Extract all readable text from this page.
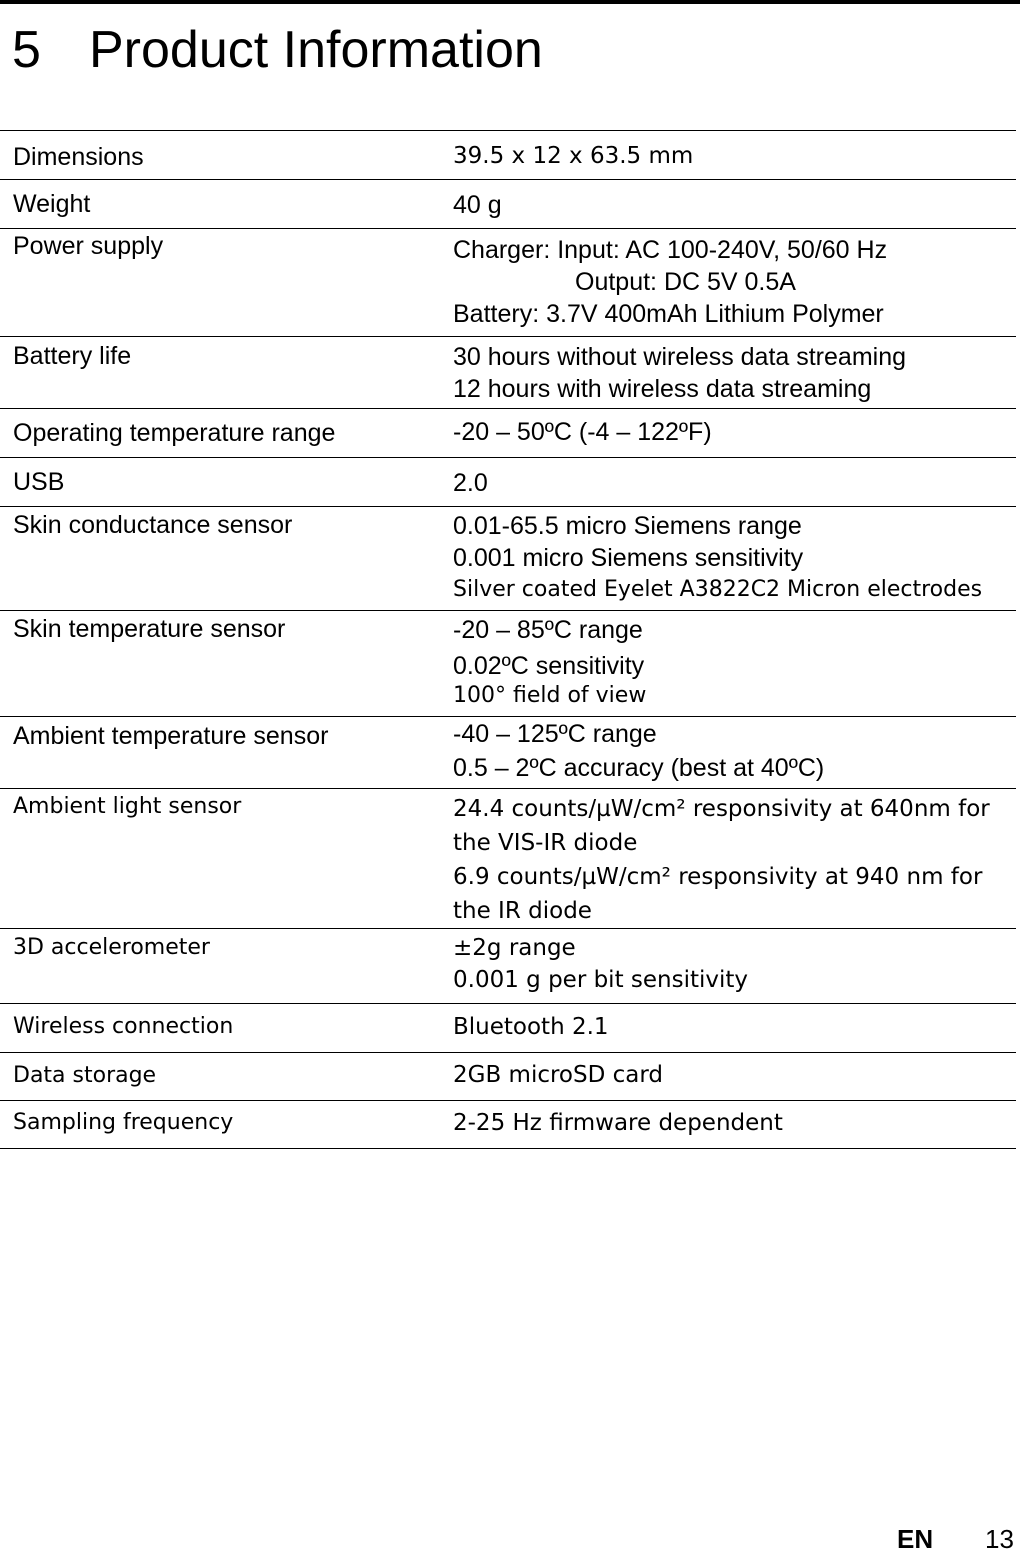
5 Product Information
Dimensions	39.5 x 12 x 63.5 mm

Weight	40 g

Power supply	Charger: Input: AC 100-240V, 50/60 Hz
Output: DC 5V 0.5A
Battery: 3.7V 400mAh Lithium Polymer

Battery life	30 hours without wireless data streaming
12 hours with wireless data streaming

Operating temperature range	-20 – 50ºC (-4 – 122ºF)

USB	2.0

Skin conductance sensor	0.01-65.5 micro Siemens range
0.001 micro Siemens sensitivity
Silver coated Eyelet A3822C2 Micron electrodes

Skin temperature sensor	-20 – 85ºC range
0.02ºC sensitivity
100° field of view

Ambient temperature sensor	-40 – 125ºC range
0.5 – 2ºC accuracy (best at 40ºC)

Ambient light sensor	24.4 counts/µW/cm² responsivity at 640nm for the VIS-IR diode
6.9 counts/µW/cm² responsivity at 940 nm for the IR diode

3D accelerometer	±2g range
0.001 g per bit sensitivity

Wireless connection	Bluetooth 2.1

Data storage	2GB microSD card

Sampling frequency	2-25 Hz firmware dependent
EN 13
